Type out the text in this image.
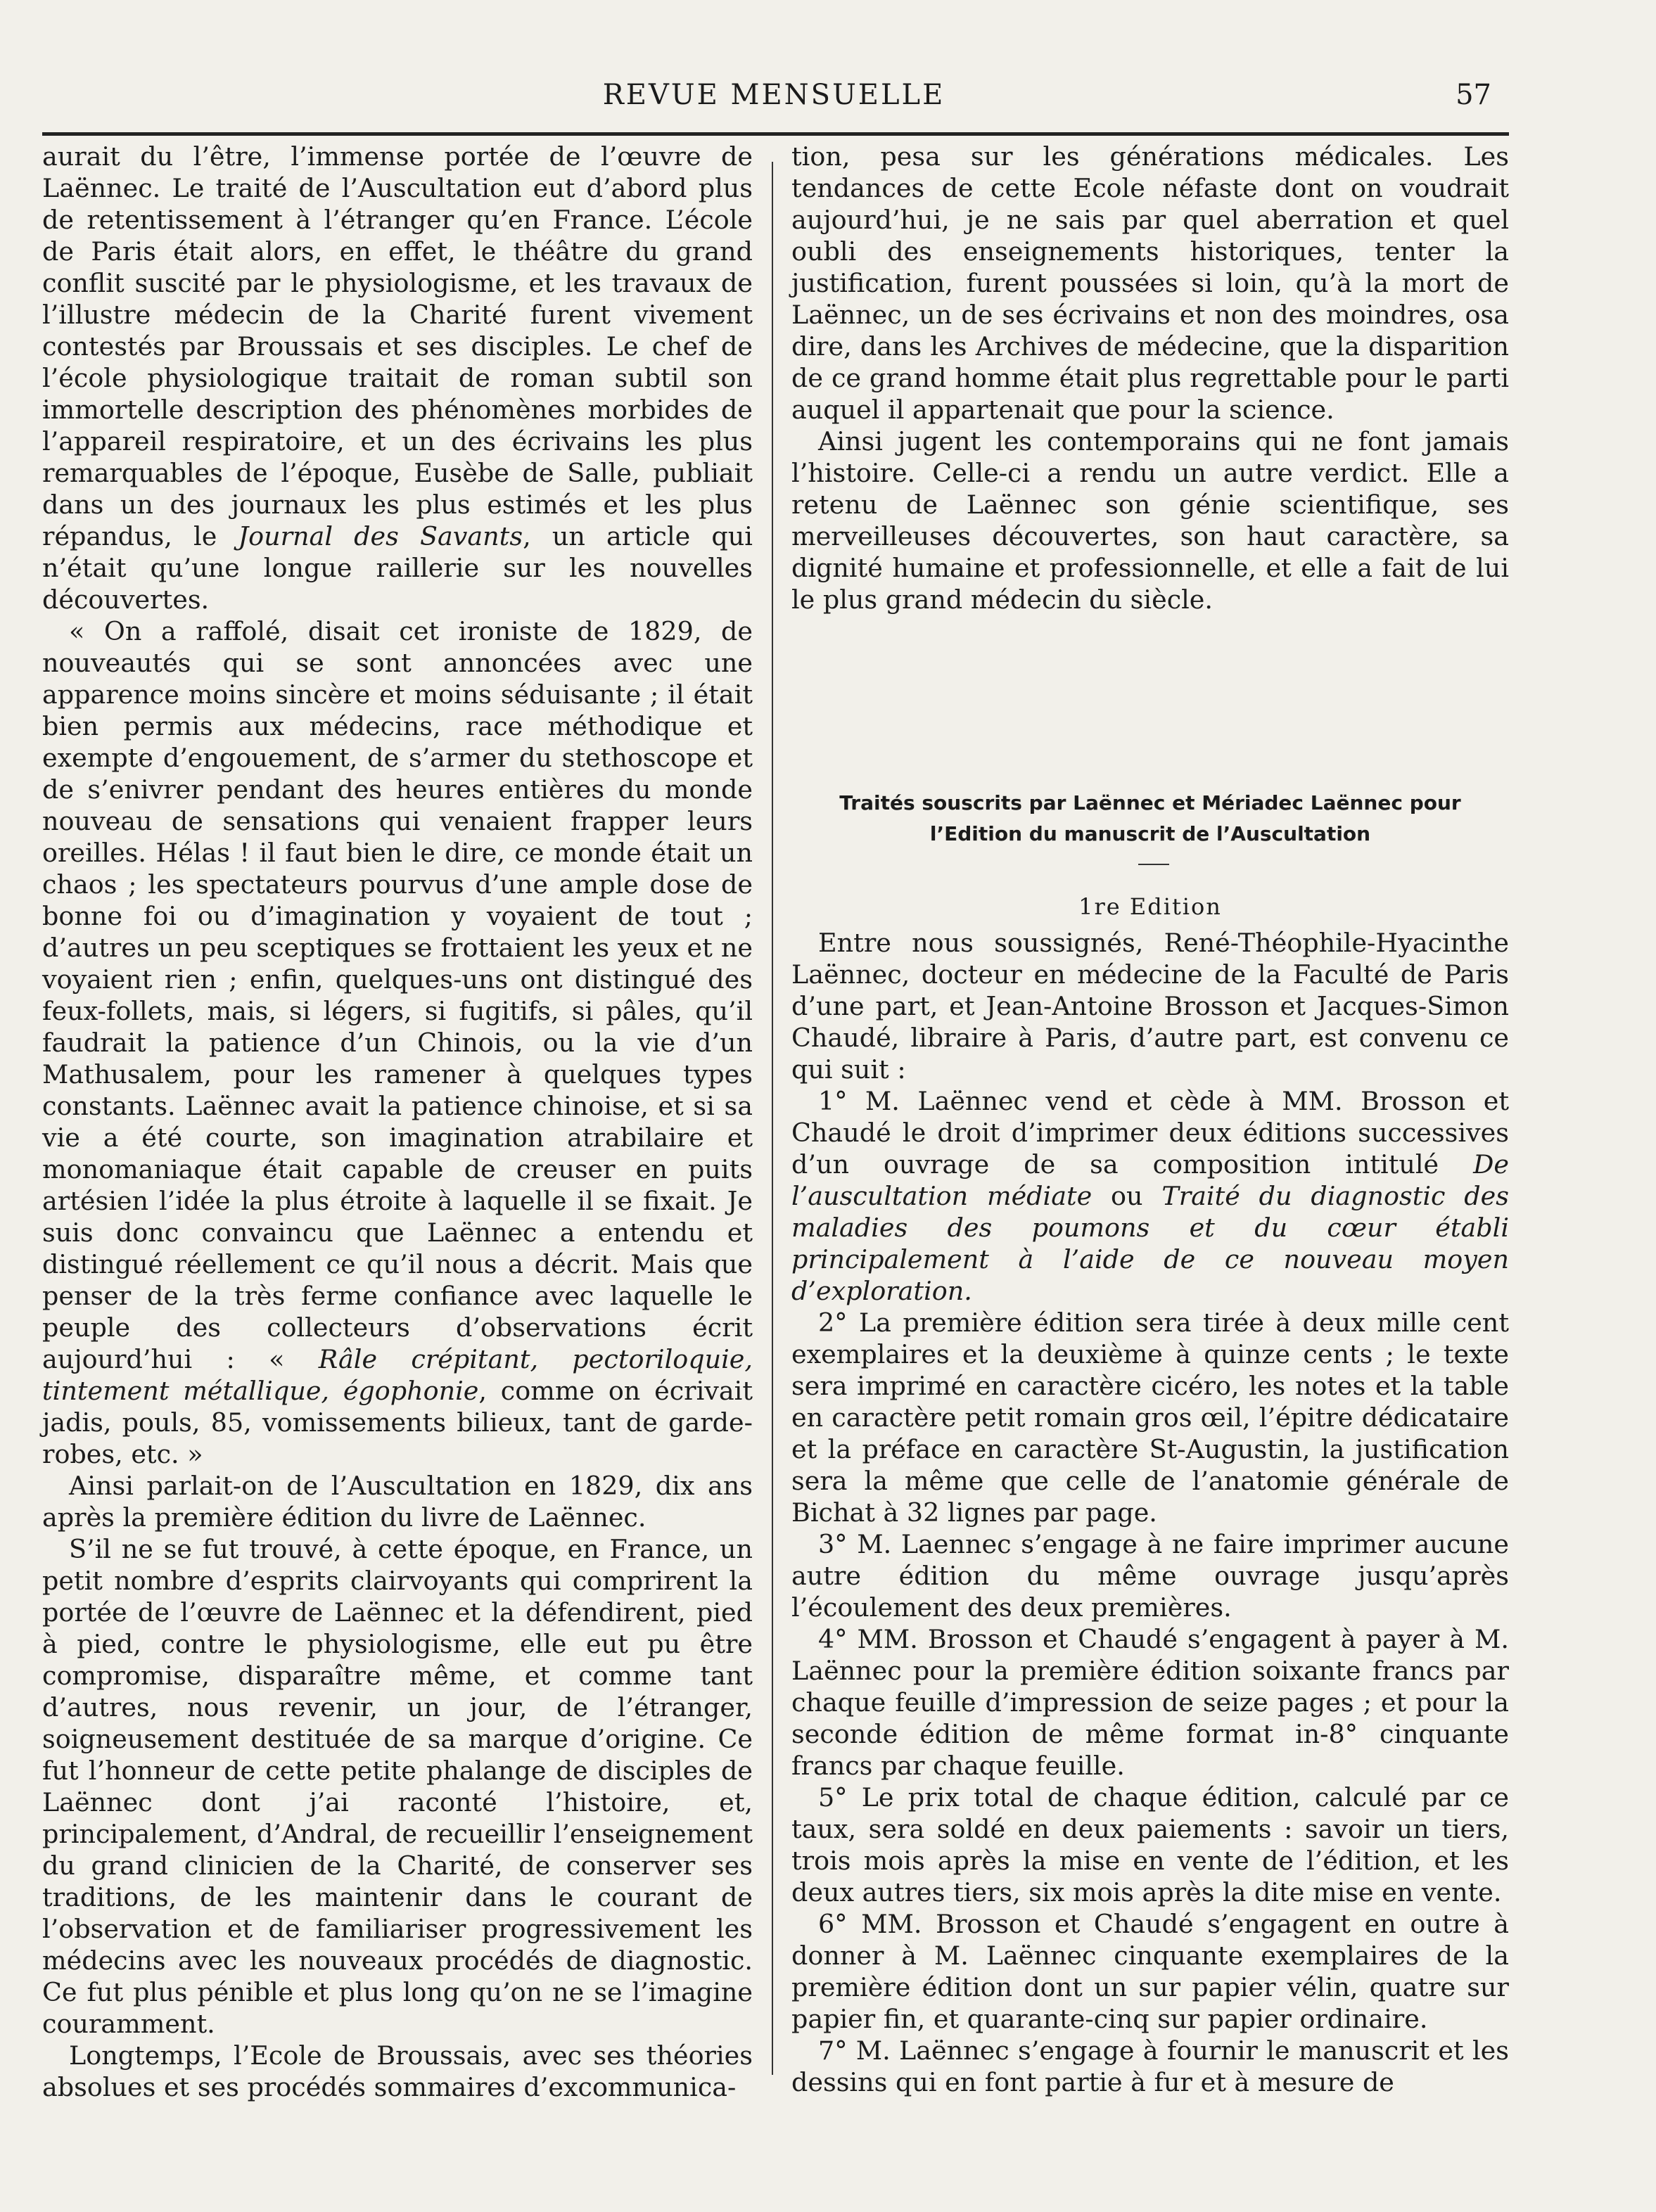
REVUE MENSUELLE	57

aurait du l’être, l’immense portée de l’œuvre de Laënnec. Le traité de l’Auscultation eut d’abord plus de retentissement à l’étranger qu’en France. L’école de Paris était alors, en effet, le théâtre du grand conflit suscité par le physiologisme, et les travaux de l’illustre médecin de la Charité furent vivement contestés par Broussais et ses disciples. Le chef de l’école physiologique traitait de roman subtil son immortelle description des phénomènes morbides de l’appareil respiratoire, et un des écrivains les plus remarquables de l’époque, Eusèbe de Salle, publiait dans un des journaux les plus estimés et les plus répandus, le Journal des Savants, un article qui n’était qu’une longue raillerie sur les nouvelles découvertes.

« On a raffolé, disait cet ironiste de 1829, de nouveautés qui se sont annoncées avec une apparence moins sincère et moins séduisante ; il était bien permis aux médecins, race méthodique et exempte d’engouement, de s’armer du stethoscope et de s’enivrer pendant des heures entières du monde nouveau de sensations qui venaient frapper leurs oreilles. Hélas ! il faut bien le dire, ce monde était un chaos ; les spectateurs pourvus d’une ample dose de bonne foi ou d’imagination y voyaient de tout ; d’autres un peu sceptiques se frottaient les yeux et ne voyaient rien ; enfin, quelques-uns ont distingué des feux-follets, mais, si légers, si fugitifs, si pâles, qu’il faudrait la patience d’un Chinois, ou la vie d’un Mathusalem, pour les ramener à quelques types constants. Laënnec avait la patience chinoise, et si sa vie a été courte, son imagination atrabilaire et monomaniaque était capable de creuser en puits artésien l’idée la plus étroite à laquelle il se fixait. Je suis donc convaincu que Laënnec a entendu et distingué réellement ce qu’il nous a décrit. Mais que penser de la très ferme confiance avec laquelle le peuple des collecteurs d’observations écrit aujourd’hui : « Râle crépitant, pectoriloquie, tintement métallique, égophonie, comme on écrivait jadis, pouls, 85, vomissements bilieux, tant de garde-robes, etc. »

Ainsi parlait-on de l’Auscultation en 1829, dix ans après la première édition du livre de Laënnec.

S’il ne se fut trouvé, à cette époque, en France, un petit nombre d’esprits clairvoyants qui comprirent la portée de l’œuvre de Laënnec et la défendirent, pied à pied, contre le physiologisme, elle eut pu être compromise, disparaître même, et comme tant d’autres, nous revenir, un jour, de l’étranger, soigneusement destituée de sa marque d’origine. Ce fut l’honneur de cette petite phalange de disciples de Laënnec dont j’ai raconté l’histoire, et, principalement, d’Andral, de recueillir l’enseignement du grand clinicien de la Charité, de conserver ses traditions, de les maintenir dans le courant de l’observation et de familiariser progressivement les médecins avec les nouveaux procédés de diagnostic. Ce fut plus pénible et plus long qu’on ne se l’imagine couramment.

Longtemps, l’Ecole de Broussais, avec ses théories absolues et ses procédés sommaires d’excommunica-

tion, pesa sur les générations médicales. Les tendances de cette Ecole néfaste dont on voudrait aujourd’hui, je ne sais par quel aberration et quel oubli des enseignements historiques, tenter la justification, furent poussées si loin, qu’à la mort de Laënnec, un de ses écrivains et non des moindres, osa dire, dans les Archives de médecine, que la disparition de ce grand homme était plus regrettable pour le parti auquel il appartenait que pour la science.

Ainsi jugent les contemporains qui ne font jamais l’histoire. Celle-ci a rendu un autre verdict. Elle a retenu de Laënnec son génie scientifique, ses merveilleuses découvertes, son haut caractère, sa dignité humaine et professionnelle, et elle a fait de lui le plus grand médecin du siècle.

Traités souscrits par Laënnec et Mériadec Laënnec pour l’Edition du manuscrit de l’Auscultation
1re Edition

Entre nous soussignés, René-Théophile-Hyacinthe Laënnec, docteur en médecine de la Faculté de Paris d’une part, et Jean-Antoine Brosson et Jacques-Simon Chaudé, libraire à Paris, d’autre part, est convenu ce qui suit :

1° M. Laënnec vend et cède à MM. Brosson et Chaudé le droit d’imprimer deux éditions successives d’un ouvrage de sa composition intitulé De l’auscultation médiate ou Traité du diagnostic des maladies des poumons et du cœur établi principalement à l’aide de ce nouveau moyen d’exploration.

2° La première édition sera tirée à deux mille cent exemplaires et la deuxième à quinze cents ; le texte sera imprimé en caractère cicéro, les notes et la table en caractère petit romain gros œil, l’épitre dédicataire et la préface en caractère St-Augustin, la justification sera la même que celle de l’anatomie générale de Bichat à 32 lignes par page.

3° M. Laennec s’engage à ne faire imprimer aucune autre édition du même ouvrage jusqu’après l’écoulement des deux premières.

4° MM. Brosson et Chaudé s’engagent à payer à M. Laënnec pour la première édition soixante francs par chaque feuille d’impression de seize pages ; et pour la seconde édition de même format in-8° cinquante francs par chaque feuille.

5° Le prix total de chaque édition, calculé par ce taux, sera soldé en deux paiements : savoir un tiers, trois mois après la mise en vente de l’édition, et les deux autres tiers, six mois après la dite mise en vente.

6° MM. Brosson et Chaudé s’engagent en outre à donner à M. Laënnec cinquante exemplaires de la première édition dont un sur papier vélin, quatre sur papier fin, et quarante-cinq sur papier ordinaire.

7° M. Laënnec s’engage à fournir le manuscrit et les dessins qui en font partie à fur et à mesure de
